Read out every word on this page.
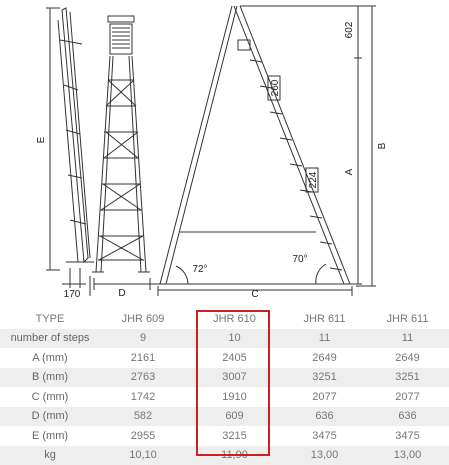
E
170	D	C
A
B
602
260
224
72°
70°
TYPE	JHR 609	JHR 610	JHR 611	JHR 611
number of steps	9	10	11	11
A (mm)	2161	2405	2649	2649
B (mm)	2763	3007	3251	3251
C (mm)	1742	1910	2077	2077
D (mm)	582	609	636	636
E (mm)	2955	3215	3475	3475
kg	10,10	11,90	13,00	13,00
